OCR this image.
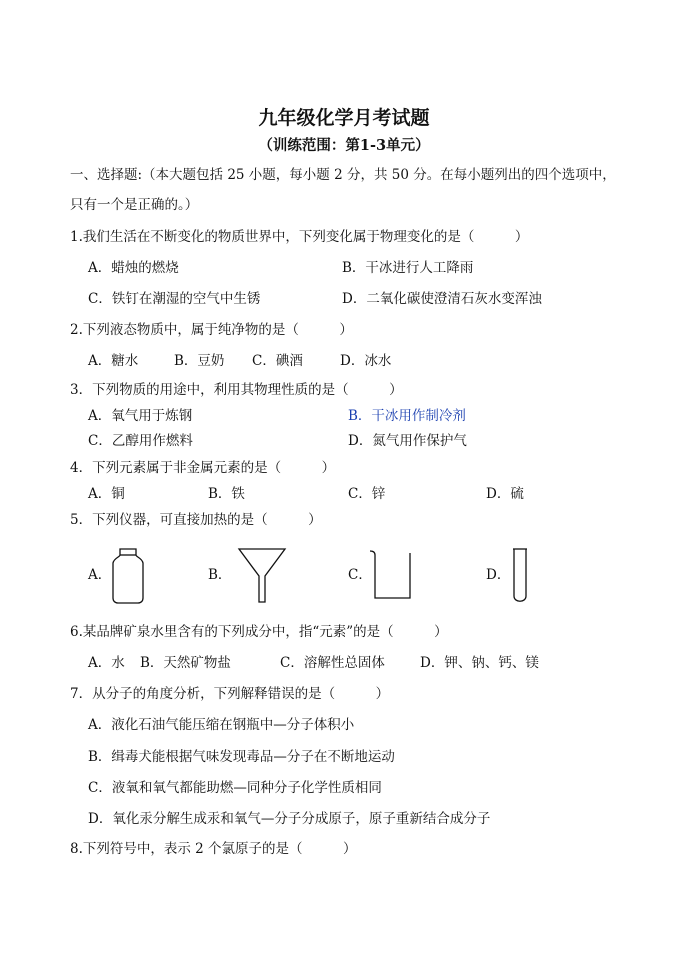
九年级化学月考试题
（训练范围：第1-3单元）
一、选择题:（本大题包括 25 小题，每小题 2 分，共 50 分。在每小题列出的四个选项中，
只有一个是正确的。）
1.我们生活在不断变化的物质世界中，下列变化属于物理变化的是（　　　）
A．蜡烛的燃烧	B．干冰进行人工降雨
C．铁钉在潮湿的空气中生锈	D．二氧化碳使澄清石灰水变浑浊
2.下列液态物质中，属于纯净物的是（　　　）
A．糖水	B．豆奶 C．碘酒	D．冰水
3．下列物质的用途中，利用其物理性质的是（　　　）
A．氧气用于炼钢	B．干冰用作制冷剂
C．乙醇用作燃料	D．氮气用作保护气
4．下列元素属于非金属元素的是（　　　）
A．铜	B．铁	C．锌	D．硫
5．下列仪器，可直接加热的是（　　　）
A．	B．	C．	D．
6.某品牌矿泉水里含有的下列成分中，指“元素”的是（　　　）
A．水 B．天然矿物盐	C．溶解性总固体	D．钾、钠、钙、镁
7．从分子的角度分析，下列解释错误的是（　　　）
A．液化石油气能压缩在钢瓶中—分子体积小
B．缉毒犬能根据气味发现毒品—分子在不断地运动
C．液氧和氧气都能助燃—同种分子化学性质相同
D．氧化汞分解生成汞和氧气—分子分成原子，原子重新结合成分子
8.下列符号中，表示 2 个氯原子的是（　　　）
